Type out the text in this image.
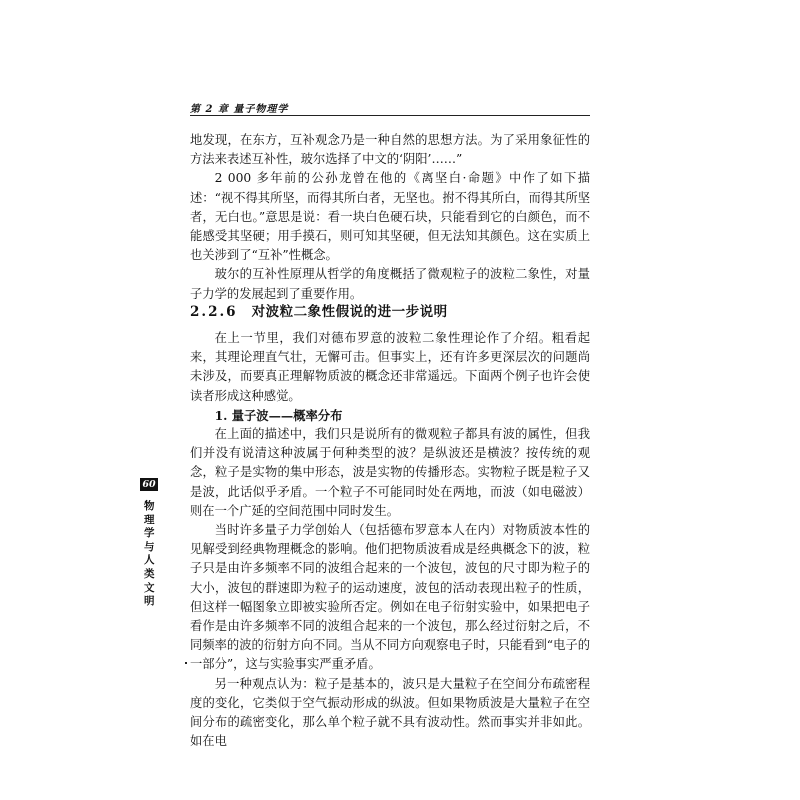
第 2 章 量子物理学

地发现，在东方，互补观念乃是一种自然的思想方法。为了采用象征性的方法来表述互补性，玻尔选择了中文的‘阴阳’……”

2 000 多年前的公孙龙曾在他的《离坚白·命题》中作了如下描述：“视不得其所坚，而得其所白者，无坚也。拊不得其所白，而得其所坚者，无白也。”意思是说：看一块白色硬石块，只能看到它的白颜色，而不能感受其坚硬；用手摸石，则可知其坚硬，但无法知其颜色。这在实质上也关涉到了“互补”性概念。

玻尔的互补性原理从哲学的角度概括了微观粒子的波粒二象性，对量子力学的发展起到了重要作用。

2.2.6 对波粒二象性假说的进一步说明

在上一节里，我们对德布罗意的波粒二象性理论作了介绍。粗看起来，其理论理直气壮，无懈可击。但事实上，还有许多更深层次的问题尚未涉及，而要真正理解物质波的概念还非常遥远。下面两个例子也许会使读者形成这种感觉。

1. 量子波——概率分布

在上面的描述中，我们只是说所有的微观粒子都具有波的属性，但我们并没有说清这种波属于何种类型的波？是纵波还是横波？按传统的观念，粒子是实物的集中形态，波是实物的传播形态。实物粒子既是粒子又是波，此话似乎矛盾。一个粒子不可能同时处在两地，而波（如电磁波）则在一个广延的空间范围中同时发生。

当时许多量子力学创始人（包括德布罗意本人在内）对物质波本性的见解受到经典物理概念的影响。他们把物质波看成是经典概念下的波，粒子只是由许多频率不同的波组合起来的一个波包，波包的尺寸即为粒子的大小，波包的群速即为粒子的运动速度，波包的活动表现出粒子的性质，但这样一幅图象立即被实验所否定。例如在电子衍射实验中，如果把电子看作是由许多频率不同的波组合起来的一个波包，那么经过衍射之后，不同频率的波的衍射方向不同。当从不同方向观察电子时，只能看到“电子的一部分”，这与实验事实严重矛盾。

另一种观点认为：粒子是基本的，波只是大量粒子在空间分布疏密程度的变化，它类似于空气振动形成的纵波。但如果物质波是大量粒子在空间分布的疏密变化，那么单个粒子就不具有波动性。然而事实并非如此。如在电

60
物理学与人类文明
